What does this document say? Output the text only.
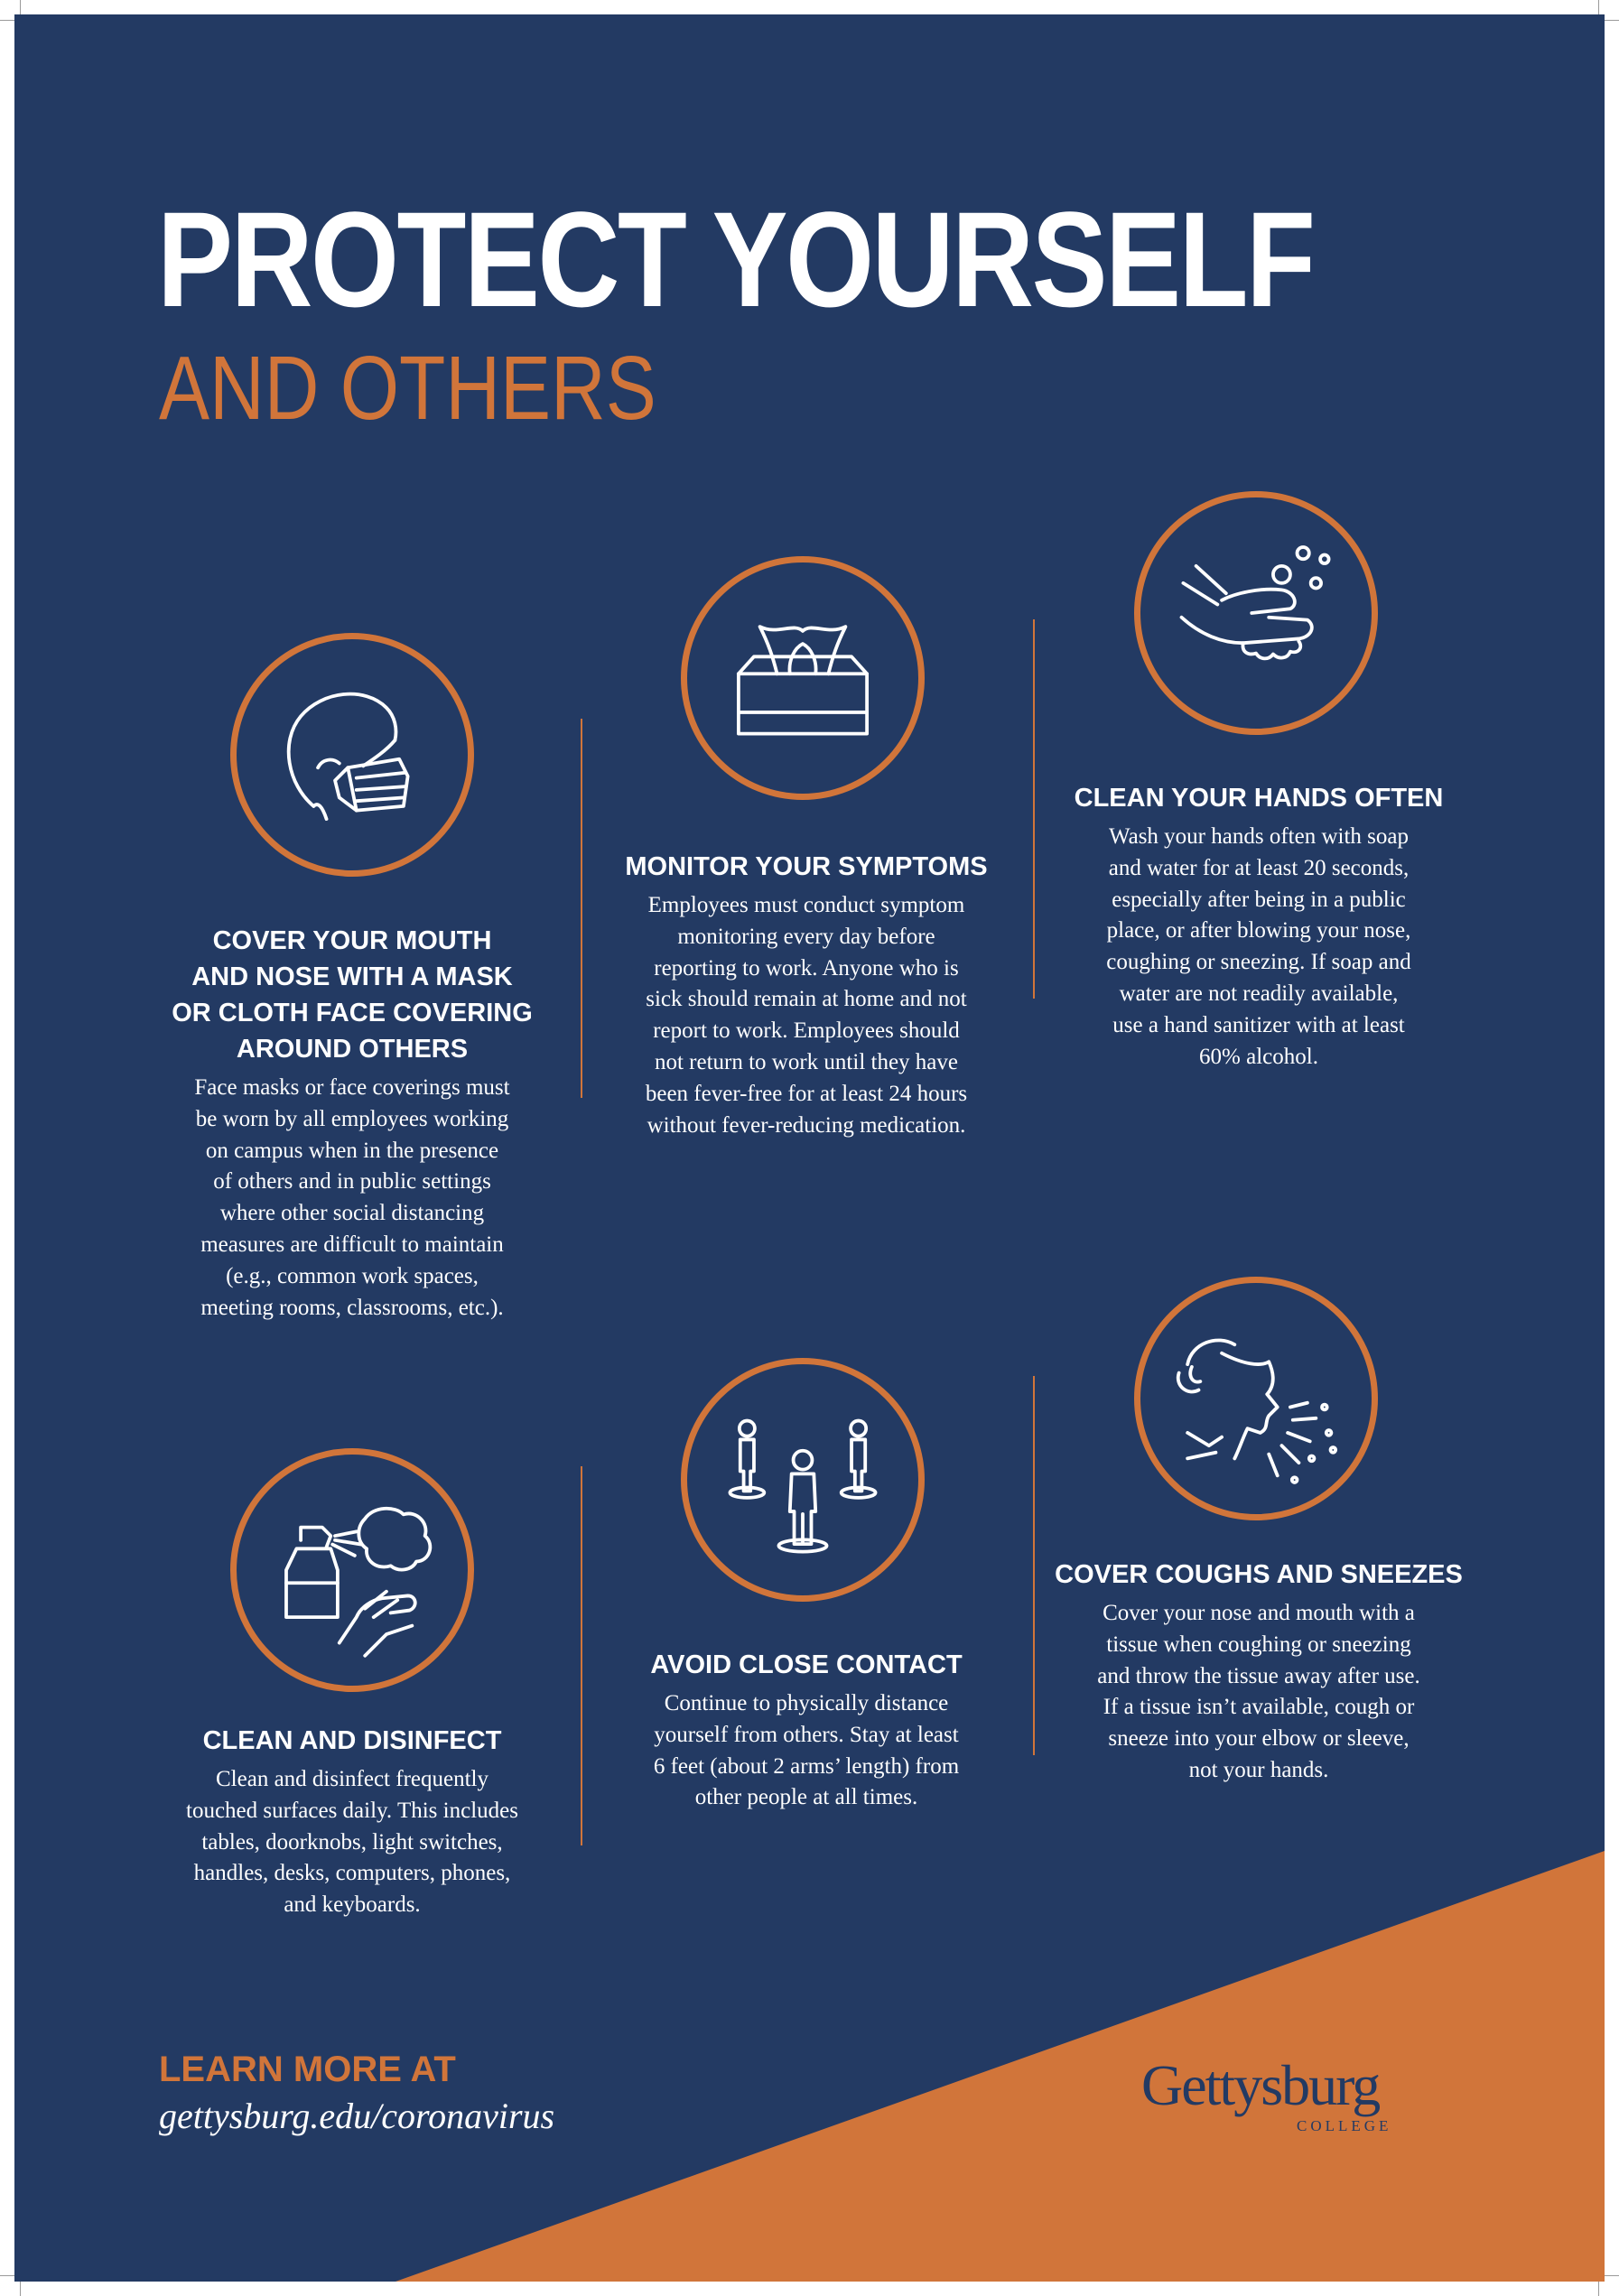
PROTECT YOURSELF
AND OTHERS
COVER YOUR MOUTH
AND NOSE WITH A MASK
OR CLOTH FACE COVERING
AROUND OTHERS

Face masks or face coverings must
be worn by all employees working
on campus when in the presence
of others and in public settings
where other social distancing
measures are difficult to maintain
(e.g., common work spaces,
meeting rooms, classrooms, etc.).

MONITOR YOUR SYMPTOMS

Employees must conduct symptom
monitoring every day before
reporting to work. Anyone who is
sick should remain at home and not
report to work. Employees should
not return to work until they have
been fever-free for at least 24 hours
without fever-reducing medication.

CLEAN YOUR HANDS OFTEN

Wash your hands often with soap
and water for at least 20 seconds,
especially after being in a public
place, or after blowing your nose,
coughing or sneezing. If soap and
water are not readily available,
use a hand sanitizer with at least
60% alcohol.

CLEAN AND DISINFECT

Clean and disinfect frequently
touched surfaces daily. This includes
tables, doorknobs, light switches,
handles, desks, computers, phones,
and keyboards.

AVOID CLOSE CONTACT

Continue to physically distance
yourself from others. Stay at least
6 feet (about 2 arms’ length) from
other people at all times.

COVER COUGHS AND SNEEZES

Cover your nose and mouth with a
tissue when coughing or sneezing
and throw the tissue away after use.
If a tissue isn’t available, cough or
sneeze into your elbow or sleeve,
not your hands.

LEARN MORE AT

gettysburg.edu/coronavirus	Gettysburg
COLLEGE
